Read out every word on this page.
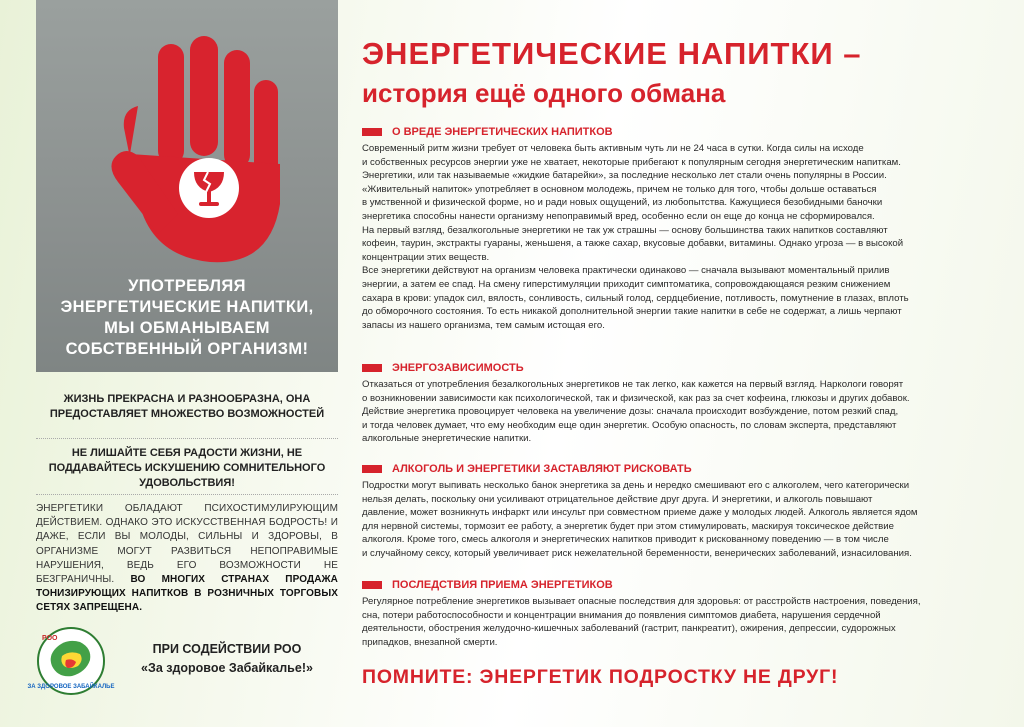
УПОТРЕБЛЯЯ ЭНЕРГЕТИЧЕСКИЕ НАПИТКИ, МЫ ОБМАНЫВАЕМ СОБСТВЕННЫЙ ОРГАНИЗМ!
ЖИЗНЬ ПРЕКРАСНА И РАЗНООБРАЗНА, ОНА ПРЕДОСТАВЛЯЕТ МНОЖЕСТВО ВОЗМОЖНОСТЕЙ
НЕ ЛИШАЙТЕ СЕБЯ РАДОСТИ ЖИЗНИ, НЕ ПОДДАВАЙТЕСЬ ИСКУШЕНИЮ СОМНИТЕЛЬНОГО УДОВОЛЬСТВИЯ!
ЭНЕРГЕТИКИ ОБЛАДАЮТ ПСИХОСТИМУЛИРУЮЩИМ ДЕЙСТВИЕМ. ОДНАКО ЭТО ИСКУССТВЕННАЯ БОДРОСТЬ! И ДАЖЕ, ЕСЛИ ВЫ МОЛОДЫ, СИЛЬНЫ И ЗДОРОВЫ, В ОРГАНИЗМЕ МОГУТ РАЗВИТЬСЯ НЕПОПРАВИМЫЕ НАРУШЕНИЯ, ВЕДЬ ЕГО ВОЗМОЖНОСТИ НЕ БЕЗГРАНИЧНЫ. ВО МНОГИХ СТРАНАХ ПРОДАЖА ТОНИЗИРУЮЩИХ НАПИТКОВ В РОЗНИЧНЫХ ТОРГОВЫХ СЕТЯХ ЗАПРЕЩЕНА.
РОО
ЗА ЗДОРОВОЕ ЗАБАЙКАЛЬЕ
ПРИ СОДЕЙСТВИИ РОО
«За здоровое Забайкалье!»
ЭНЕРГЕТИЧЕСКИЕ НАПИТКИ –
история ещё одного обмана
О ВРЕДЕ ЭНЕРГЕТИЧЕСКИХ НАПИТКОВ
Современный ритм жизни требует от человека быть активным чуть ли не 24 часа в сутки. Когда силы на исходе
и собственных ресурсов энергии уже не хватает, некоторые прибегают к популярным сегодня энергетическим напиткам.
Энергетики, или так называемые «жидкие батарейки», за последние несколько лет стали очень популярны в России.
«Живительный напиток» употребляет в основном молодежь, причем не только для того, чтобы дольше оставаться
в умственной и физической форме, но и ради новых ощущений, из любопытства. Кажущиеся безобидными баночки
энергетика способны нанести организму непоправимый вред, особенно если он еще до конца не сформировался.
На первый взгляд, безалкогольные энергетики не так уж страшны — основу большинства таких напитков составляют
кофеин, таурин, экстракты гуараны, женьшеня, а также сахар, вкусовые добавки, витамины. Однако угроза — в высокой
концентрации этих веществ.
Все энергетики действуют на организм человека практически одинаково — сначала вызывают моментальный прилив
энергии, а затем ее спад. На смену гиперстимуляции приходит симптоматика, сопровождающаяся резким снижением
сахара в крови: упадок сил, вялость, сонливость, сильный голод, сердцебиение, потливость, помутнение в глазах, вплоть
до обморочного состояния. То есть никакой дополнительной энергии такие напитки в себе не содержат, а лишь черпают
запасы из нашего организма, тем самым истощая его.
ЭНЕРГОЗАВИСИМОСТЬ
Отказаться от употребления безалкогольных энергетиков не так легко, как кажется на первый взгляд. Наркологи говорят
о возникновении зависимости как психологической, так и физической, как раз за счет кофеина, глюкозы и других добавок.
Действие энергетика провоцирует человека на увеличение дозы: сначала происходит возбуждение, потом резкий спад,
и тогда человек думает, что ему необходим еще один энергетик. Особую опасность, по словам эксперта, представляют
алкогольные энергетические напитки.
АЛКОГОЛЬ И ЭНЕРГЕТИКИ ЗАСТАВЛЯЮТ РИСКОВАТЬ
Подростки могут выпивать несколько банок энергетика за день и нередко смешивают его с алкоголем, чего категорически
нельзя делать, поскольку они усиливают отрицательное действие друг друга. И энергетики, и алкоголь повышают
давление, может возникнуть инфаркт или инсульт при совместном приеме даже у молодых людей. Алкоголь является ядом
для нервной системы, тормозит ее работу, а энергетик будет при этом стимулировать, маскируя токсическое действие
алкоголя. Кроме того, смесь алкоголя и энергетических напитков приводит к рискованному поведению — в том числе
и случайному сексу, который увеличивает риск нежелательной беременности, венерических заболеваний, изнасилования.
ПОСЛЕДСТВИЯ ПРИЕМА ЭНЕРГЕТИКОВ
Регулярное потребление энергетиков вызывает опасные последствия для здоровья: от расстройств настроения, поведения,
сна, потери работоспособности и концентрации внимания до появления симптомов диабета, нарушения сердечной
деятельности, обострения желудочно-кишечных заболеваний (гастрит, панкреатит), ожирения, депрессии, судорожных
припадков, внезапной смерти.
ПОМНИТЕ: ЭНЕРГЕТИК ПОДРОСТКУ НЕ ДРУГ!
